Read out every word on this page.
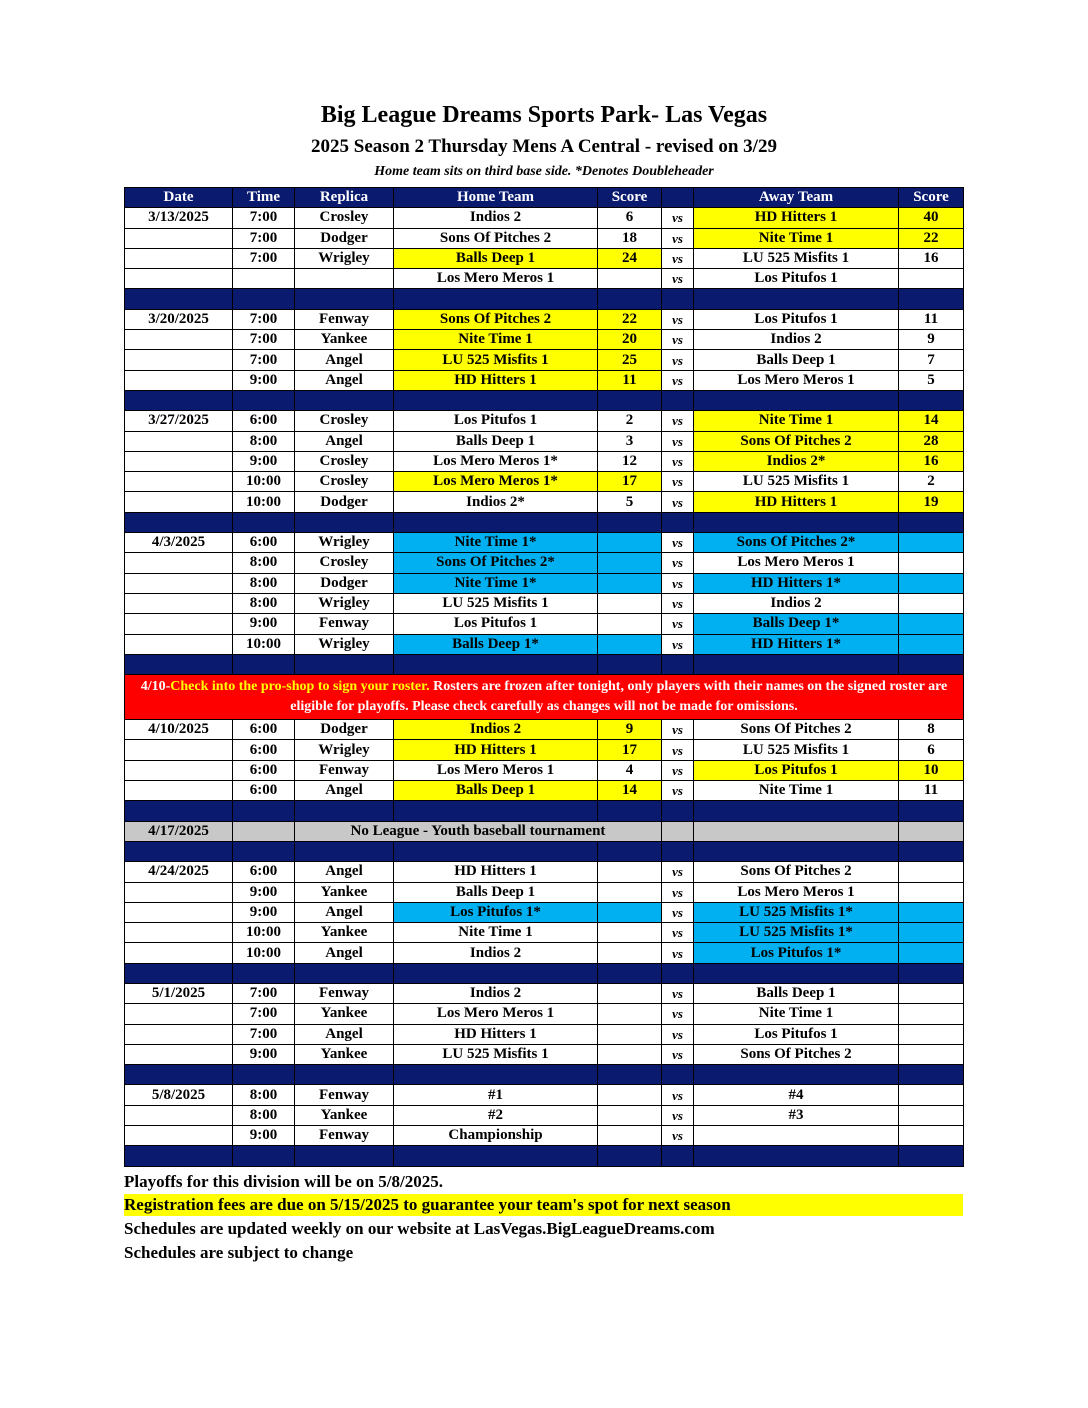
Big League Dreams Sports Park- Las Vegas
2025 Season 2 Thursday Mens A Central - revised on 3/29
Home team sits on third base side. *Denotes Doubleheader
Date	Time	Replica	Home Team	Score		Away Team	Score
3/13/2025	7:00	Crosley	Indios 2	6	vs	HD Hitters 1	40
	7:00	Dodger	Sons Of Pitches 2	18	vs	Nite Time 1	22
	7:00	Wrigley	Balls Deep 1	24	vs	LU 525 Misfits 1	16
			Los Mero Meros 1		vs	Los Pitufos 1	

3/20/2025	7:00	Fenway	Sons Of Pitches 2	22	vs	Los Pitufos 1	11
	7:00	Yankee	Nite Time 1	20	vs	Indios 2	9
	7:00	Angel	LU 525 Misfits 1	25	vs	Balls Deep 1	7
	9:00	Angel	HD Hitters 1	11	vs	Los Mero Meros 1	5

3/27/2025	6:00	Crosley	Los Pitufos 1	2	vs	Nite Time 1	14
	8:00	Angel	Balls Deep 1	3	vs	Sons Of Pitches 2	28
	9:00	Crosley	Los Mero Meros 1*	12	vs	Indios 2*	16
	10:00	Crosley	Los Mero Meros 1*	17	vs	LU 525 Misfits 1	2
	10:00	Dodger	Indios 2*	5	vs	HD Hitters 1	19

4/3/2025	6:00	Wrigley	Nite Time 1*		vs	Sons Of Pitches 2*	
	8:00	Crosley	Sons Of Pitches 2*		vs	Los Mero Meros 1	
	8:00	Dodger	Nite Time 1*		vs	HD Hitters 1*	
	8:00	Wrigley	LU 525 Misfits 1		vs	Indios 2	
	9:00	Fenway	Los Pitufos 1		vs	Balls Deep 1*	
	10:00	Wrigley	Balls Deep 1*		vs	HD Hitters 1*	

4/10-Check into the pro-shop to sign your roster. Rosters are frozen after tonight, only players with their names on the signed roster are eligible for playoffs. Please check carefully as changes will not be made for omissions.							
4/10/2025	6:00	Dodger	Indios 2	9	vs	Sons Of Pitches 2	8
	6:00	Wrigley	HD Hitters 1	17	vs	LU 525 Misfits 1	6
	6:00	Fenway	Los Mero Meros 1	4	vs	Los Pitufos 1	10
	6:00	Angel	Balls Deep 1	14	vs	Nite Time 1	11

4/17/2025		No League - Youth baseball tournament					

4/24/2025	6:00	Angel	HD Hitters 1		vs	Sons Of Pitches 2	
	9:00	Yankee	Balls Deep 1		vs	Los Mero Meros 1	
	9:00	Angel	Los Pitufos 1*		vs	LU 525 Misfits 1*	
	10:00	Yankee	Nite Time 1		vs	LU 525 Misfits 1*	
	10:00	Angel	Indios 2		vs	Los Pitufos 1*	

5/1/2025	7:00	Fenway	Indios 2		vs	Balls Deep 1	
	7:00	Yankee	Los Mero Meros 1		vs	Nite Time 1	
	7:00	Angel	HD Hitters 1		vs	Los Pitufos 1	
	9:00	Yankee	LU 525 Misfits 1		vs	Sons Of Pitches 2	

5/8/2025	8:00	Fenway	#1		vs	#4	
	8:00	Yankee	#2		vs	#3	
	9:00	Fenway	Championship		vs		

Playoffs for this division will be on 5/8/2025.
Registration fees are due on 5/15/2025 to guarantee your team's spot for next season
Schedules are updated weekly on our website at LasVegas.BigLeagueDreams.com
Schedules are subject to change
